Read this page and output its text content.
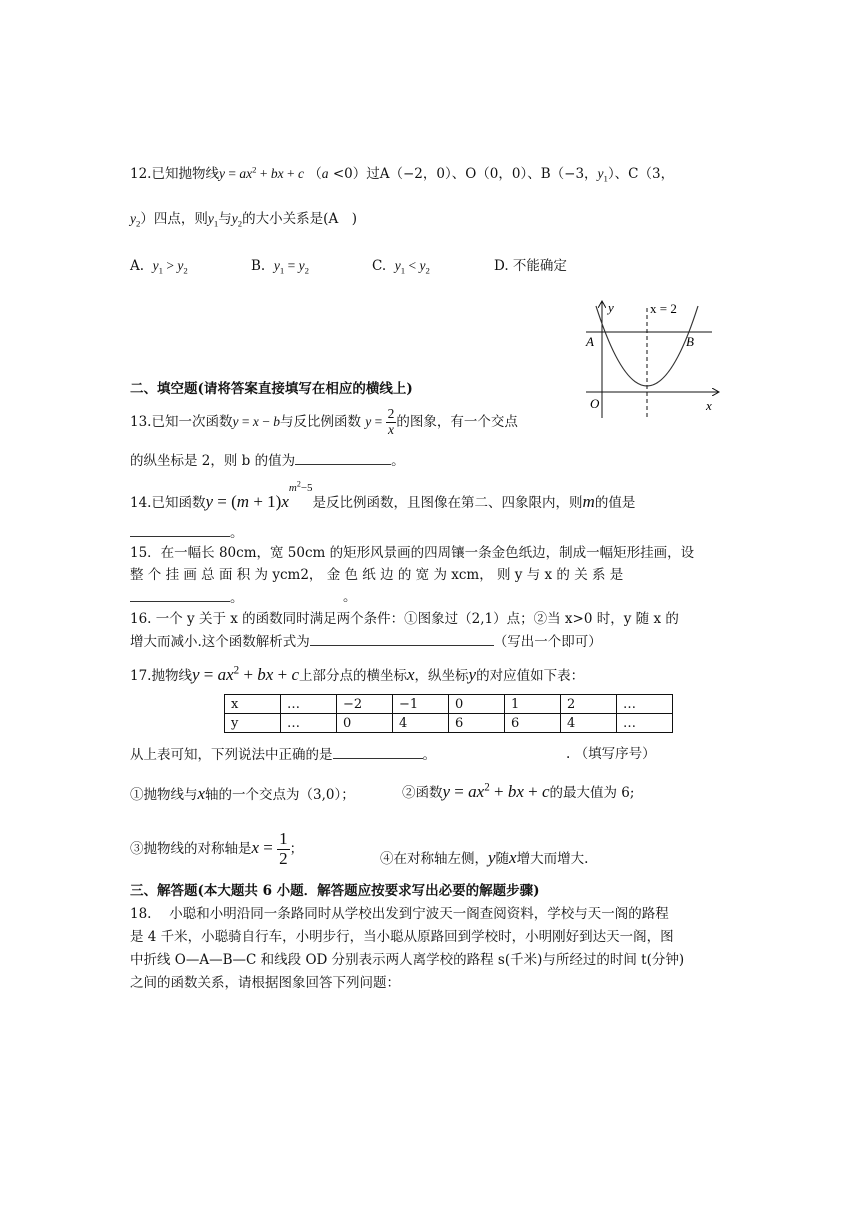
12.已知抛物线$y = ax^2$ + bx + c （a <0）过A（−2，0）、O（0，0）、B（−3，$y_1$）、C（3，
$y_2$）四点，则$y_1$与$y_2$的大小关系是(A　)
A. $y_1 > y_2$	B. $y_1 = y_2$	C. $y_1 < y_2$	D. 不能确定
y	x = 2
A	B
O	x
二、填空题(请将答案直接填写在相应的横线上)
13.已知一次函数y = x − b与反比例函数 $y = \frac{2}{x}$ 的图象，有一个交点
的纵坐标是 2，则 b 的值为	。
14.已知函数$y = (m + 1)x^{m^2-5}$是反比例函数，且图像在第二、四象限内，则m的值是
。
15．在一幅长 80cm，宽 50cm 的矩形风景画的四周镶一条金色纸边，制成一幅矩形挂画，设
整 个 挂 画 总 面 积 为 ycm2， 金 色 纸 边 的 宽 为 xcm， 则 y 与 x 的 关 系 是
。	。
16. 一个 y 关于 x 的函数同时满足两个条件：①图象过（2,1）点；②当 x>0 时，y 随 x 的
增大而减小.这个函数解析式为	（写出一个即可）
17.抛物线$y = ax^2$ + bx + c上部分点的横坐标x，纵坐标y的对应值如下表：
x	…	−2	−1	0	1	2	…
y	…	0	4	6	6	4	…
从上表可知，下列说法中正确的是	。	. （填写序号）
①抛物线与x轴的一个交点为（3,0）；	②函数$y = ax^2$ + bx + c的最大值为 6;
③抛物线的对称轴是$x = \frac{1}{2}$ ；
④在对称轴左侧，y随x增大而增大.
三、解答题(本大题共 6 小题．解答题应按要求写出必要的解题步骤)
18.　 小聪和小明沿同一条路同时从学校出发到宁波天一阁查阅资料，学校与天一阁的路程
是 4 千米，小聪骑自行车，小明步行，当小聪从原路回到学校时，小明刚好到达天一阁，图
中折线 O—A—B—C 和线段 OD 分别表示两人离学校的路程 s(千米)与所经过的时间 t(分钟)
之间的函数关系，请根据图象回答下列问题：
